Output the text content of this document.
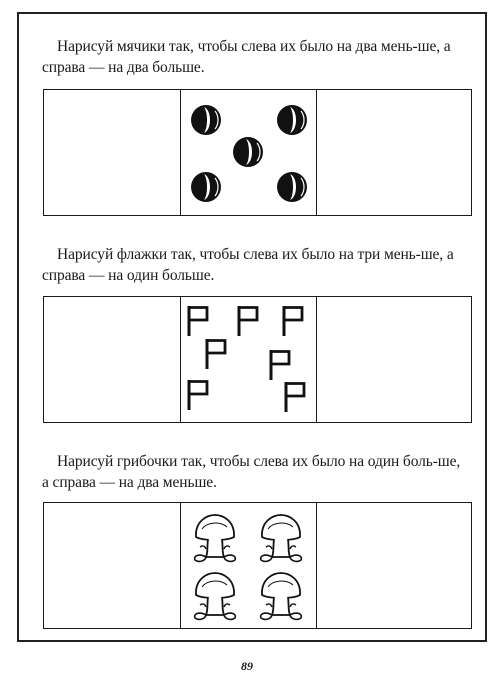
Нарисуй мячики так, чтобы слева их было на два мень-ше, а справа — на два больше.
Нарисуй флажки так, чтобы слева их было на три мень-ше, а справа — на один больше.
Нарисуй грибочки так, чтобы слева их было на один боль-ше, а справа — на два меньше.
89
